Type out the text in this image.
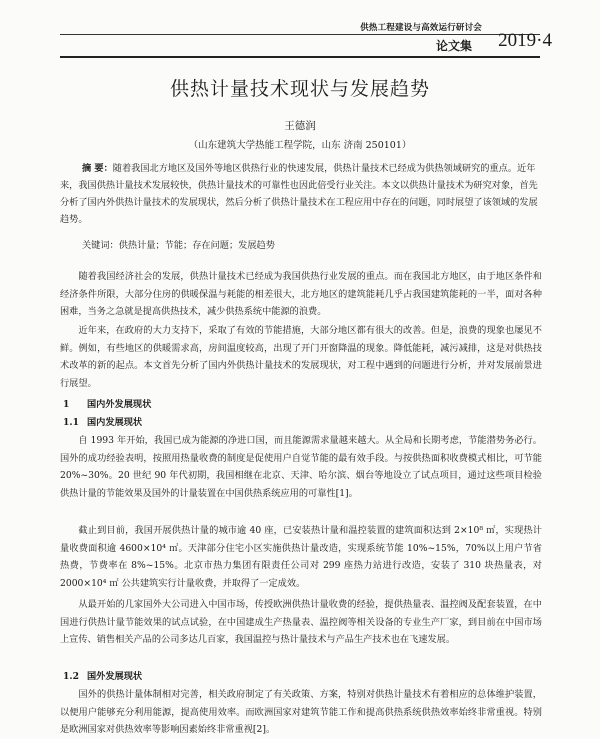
供热工程建设与高效运行研讨会
论文集 2019·4
供热计量技术现状与发展趋势
王德润
（山东建筑大学热能工程学院，山东 济南 250101）
摘 要：随着我国北方地区及国外等地区供热行业的快速发展，供热计量技术已经成为供热领域研究的重点。近年来，我国供热计量技术发展较快，供热计量技术的可靠性也因此倍受行业关注。本文以供热计量技术为研究对象，首先分析了国内外供热计量技术的发展现状，然后分析了供热计量技术在工程应用中存在的问题，同时展望了该领域的发展趋势。
关键词：供热计量；节能；存在问题；发展趋势
随着我国经济社会的发展，供热计量技术已经成为我国供热行业发展的重点。而在我国北方地区，由于地区条件和经济条件所限，大部分住房的供暖保温与耗能的相差很大，北方地区的建筑能耗几乎占我国建筑能耗的一半，面对各种困难，当务之急就是提高供热技术，减少供热系统中能源的浪费。
近年来，在政府的大力支持下，采取了有效的节能措施，大部分地区都有很大的改善。但是，浪费的现象也屡见不鲜。例如，有些地区的供暖需求高，房间温度较高，出现了开门开窗降温的现象。降低能耗，减污减排，这是对供热技术改革的新的起点。本文首先分析了国内外供热计量技术的发展现状，对工程中遇到的问题进行分析，并对发展前景进行展望。
1 国内外发展现状
1.1 国内发展现状
自 1993 年开始，我国已成为能源的净进口国，而且能源需求量越来越大。从全局和长期考虑，节能潜势务必行。国外的成功经验表明，按照用热量收费的制度是促使用户自觉节能的最有效手段。与按供热面积收费模式相比，可节能 20%~30%。20 世纪 90 年代初期，我国相继在北京、天津、哈尔滨、烟台等地设立了试点项目，通过这些项目检验供热计量的节能效果及国外的计量装置在中国供热系统应用的可靠性[1]。
截止到目前，我国开展供热计量的城市逾 40 座，已安装热计量和温控装置的建筑面积达到 2×10⁸ ㎡，实现热计量收费面积逾 4600×10⁴ ㎡。天津部分住宅小区实施供热计量改造，实现系统节能 10%~15%，70%以上用户节省热费，节费率在 8%~15%。北京市热力集团有限责任公司对 299 座热力站进行改造，安装了 310 块热量表，对 2000×10⁴ ㎡ 公共建筑实行计量收费，并取得了一定成效。
从最开始的几家国外大公司进入中国市场，传授欧洲供热计量收费的经验，提供热量表、温控阀及配套装置，在中国进行供热计量节能效果的试点试验，在中国建成生产热量表、温控阀等相关设备的专业生产厂家，到目前在中国市场上宣传、销售相关产品的公司多达几百家，我国温控与热计量技术与产品生产技术也在飞速发展。
1.2 国外发展现状
国外的供热计量体制相对完善，相关政府制定了有关政策、方案，特别对供热计量技术有着相应的总体维护装置，以便用户能够充分利用能源，提高使用效率。而欧洲国家对建筑节能工作和提高供热系统供热效率始终非常重视。特别是欧洲国家对供热效率等影响因素始终非常重视[2]。
